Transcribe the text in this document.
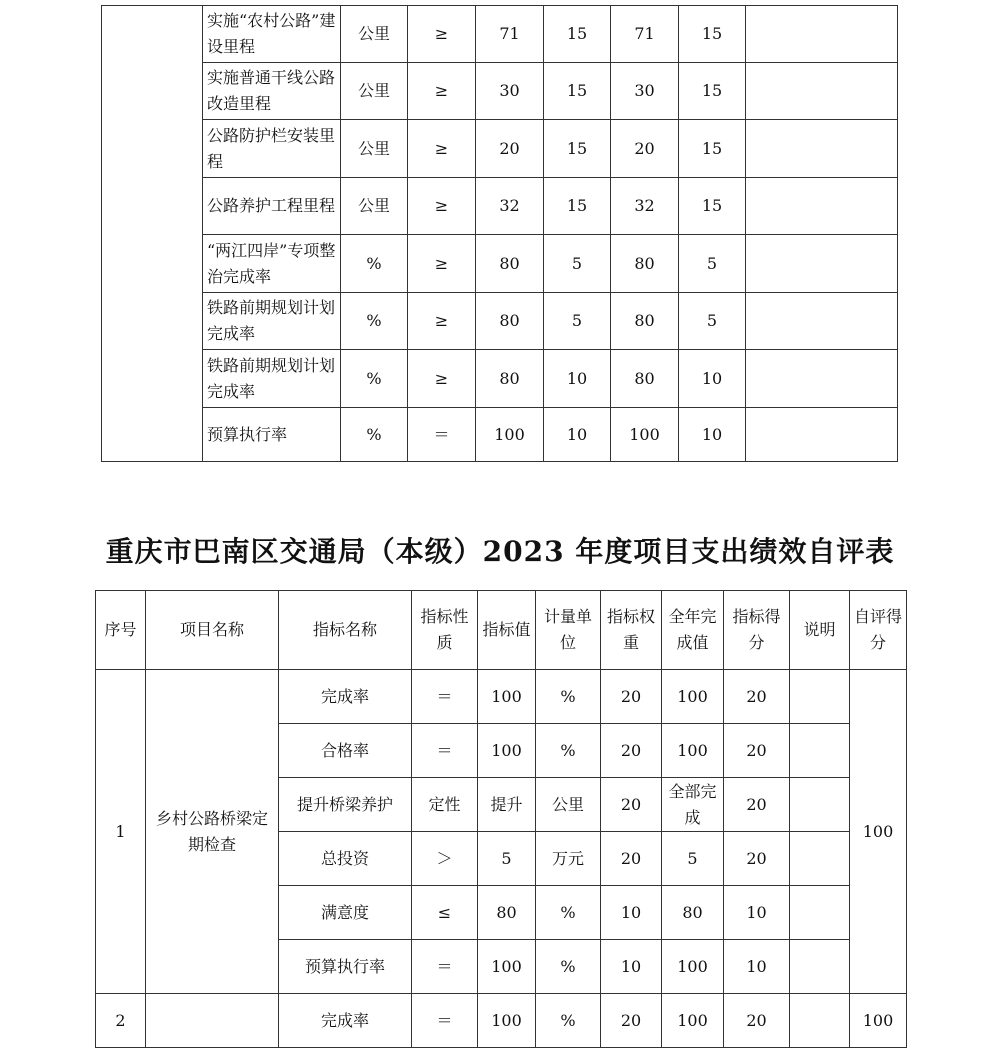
	实施“农村公路”建设里程	公里	≥	71	15	71	15	
	实施普通干线公路改造里程	公里	≥	30	15	30	15	
	公路防护栏安装里程	公里	≥	20	15	20	15	
	公路养护工程里程	公里	≥	32	15	32	15	
	“两江四岸”专项整治完成率	%	≥	80	5	80	5	
	铁路前期规划计划完成率	%	≥	80	5	80	5	
	铁路前期规划计划完成率	%	≥	80	10	80	10	
	预算执行率	%	＝	100	10	100	10	
重庆市巴南区交通局（本级）2023 年度项目支出绩效自评表
序号	项目名称	指标名称	指标性质	指标值	计量单位	指标权重	全年完成值	指标得分	说明	自评得分
1	乡村公路桥梁定期检查	完成率	＝	100	%	20	100	20		100
		合格率	＝	100	%	20	100	20		
		提升桥梁养护	定性	提升	公里	20	全部完成	20		
		总投资	＞	5	万元	20	5	20		
		满意度	≤	80	%	10	80	10		
		预算执行率	＝	100	%	10	100	10		
2		完成率	＝	100	%	20	100	20		100
